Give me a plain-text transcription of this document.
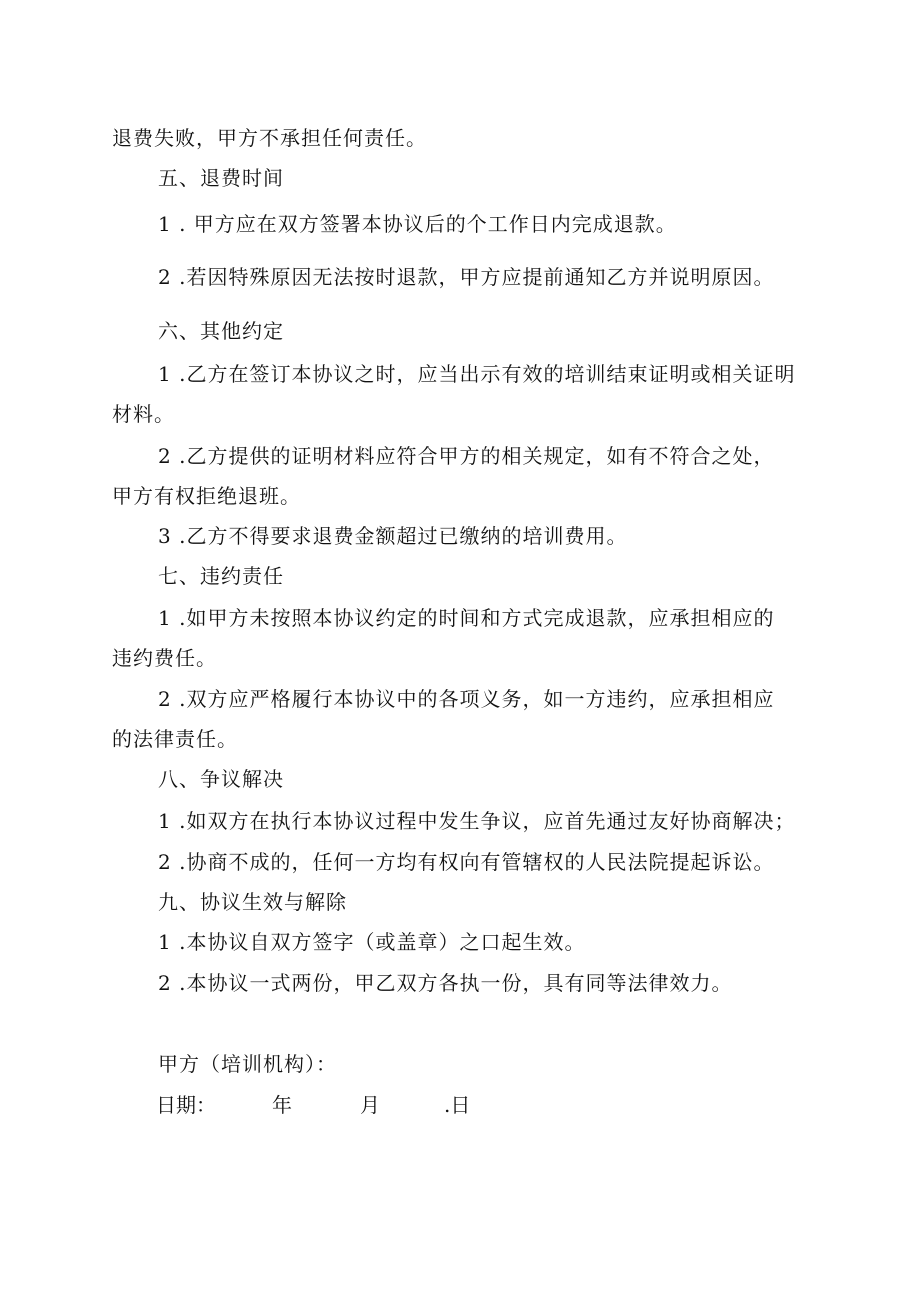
退费失败，甲方不承担任何责任。
五、退费时间
1 . 甲方应在双方签署本协议后的个工作日内完成退款。
2 .若因特殊原因无法按时退款，甲方应提前通知乙方并说明原因。
六、其他约定
1 .乙方在签订本协议之时，应当出示有效的培训结束证明或相关证明
材料。
2 .乙方提供的证明材料应符合甲方的相关规定，如有不符合之处，
甲方有权拒绝退班。
3 .乙方不得要求退费金额超过已缴纳的培训费用。
七、违约责任
1 .如甲方未按照本协议约定的时间和方式完成退款，应承担相应的
违约费任。
2 .双方应严格履行本协议中的各项义务，如一方违约，应承担相应
的法律责任。
八、争议解决
1 .如双方在执行本协议过程中发生争议，应首先通过友好协商解决；
2 .协商不成的，任何一方均有权向有管辖权的人民法院提起诉讼。
九、协议生效与解除
1 .本协议自双方签字（或盖章）之口起生效。
2 .本协议一式两份，甲乙双方各执一份，具有同等法律效力。
甲方（培训机构）：
日期：	年	月	.日
